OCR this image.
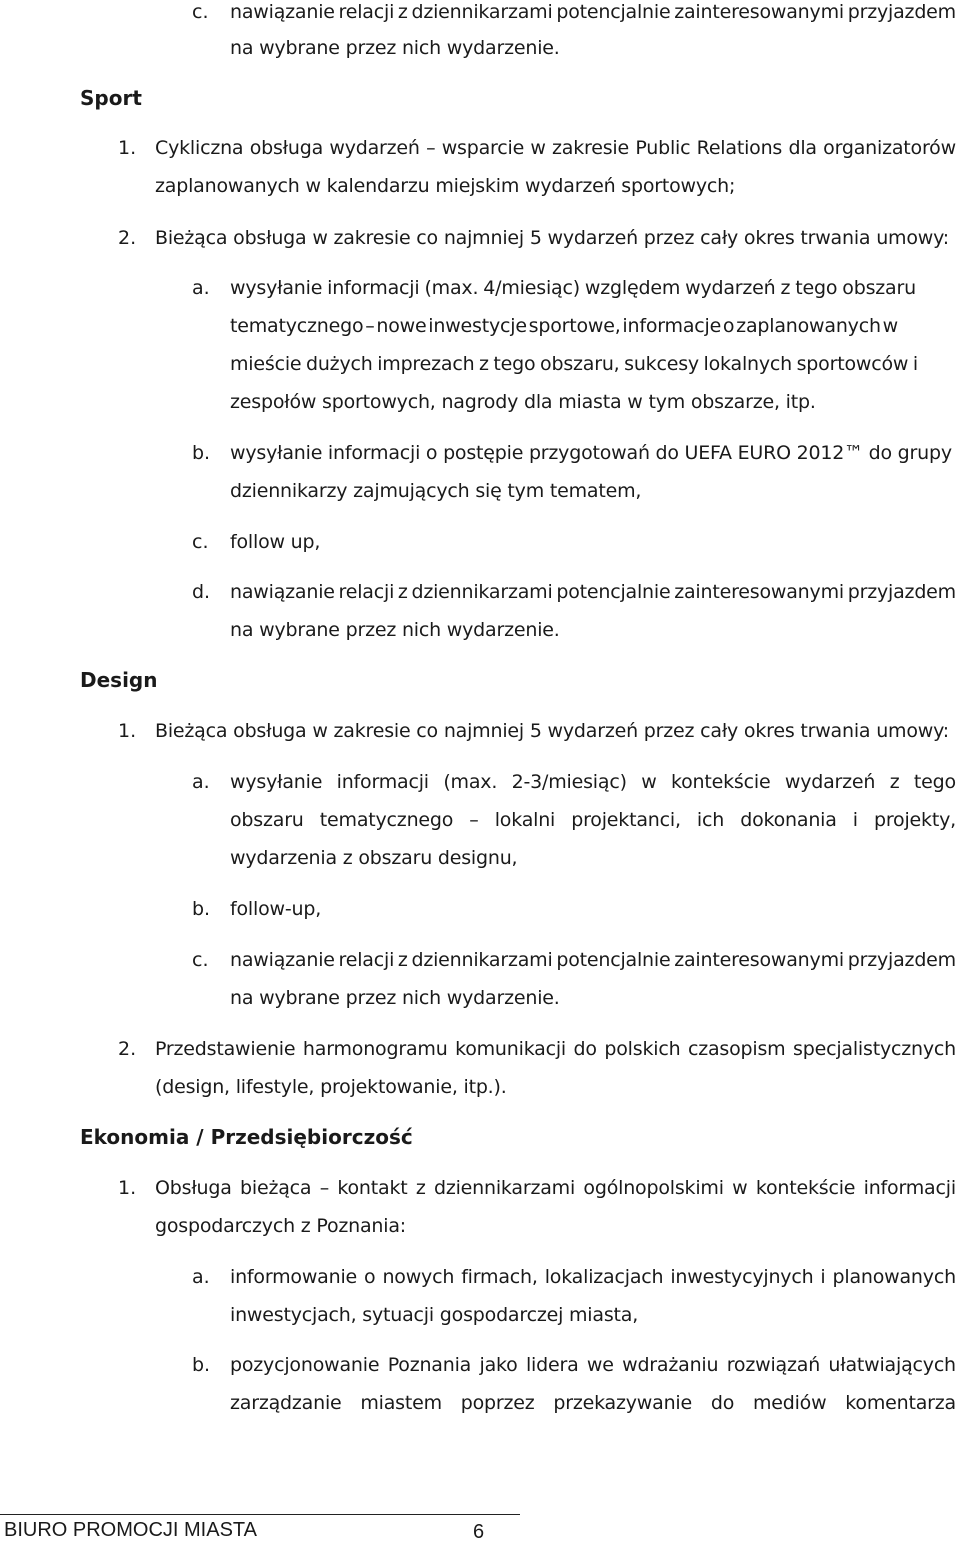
c. nawiązanie relacji z dziennikarzami potencjalnie zainteresowanymi przyjazdem
na wybrane przez nich wydarzenie.
Sport
1. Cykliczna obsługa wydarzeń – wsparcie w zakresie Public Relations dla organizatorów
zaplanowanych w kalendarzu miejskim wydarzeń sportowych;
2. Bieżąca obsługa w zakresie co najmniej 5 wydarzeń przez cały okres trwania umowy:
a. wysyłanie informacji (max. 4/miesiąc) względem wydarzeń z tego obszaru
tematycznego – nowe inwestycje sportowe, informacje o zaplanowanych w
mieście dużych imprezach z tego obszaru, sukcesy lokalnych sportowców i
zespołów sportowych, nagrody dla miasta w tym obszarze, itp.
b. wysyłanie informacji o postępie przygotowań do UEFA EURO 2012™ do grupy
dziennikarzy zajmujących się tym tematem,
c. follow up,
d. nawiązanie relacji z dziennikarzami potencjalnie zainteresowanymi przyjazdem
na wybrane przez nich wydarzenie.
Design
1. Bieżąca obsługa w zakresie co najmniej 5 wydarzeń przez cały okres trwania umowy:
a. wysyłanie informacji (max. 2-3/miesiąc) w kontekście wydarzeń z tego
obszaru tematycznego – lokalni projektanci, ich dokonania i projekty,
wydarzenia z obszaru designu,
b. follow-up,
c. nawiązanie relacji z dziennikarzami potencjalnie zainteresowanymi przyjazdem
na wybrane przez nich wydarzenie.
2. Przedstawienie harmonogramu komunikacji do polskich czasopism specjalistycznych
(design, lifestyle, projektowanie, itp.).
Ekonomia / Przedsiębiorczość
1. Obsługa bieżąca – kontakt z dziennikarzami ogólnopolskimi w kontekście informacji
gospodarczych z Poznania:
a. informowanie o nowych firmach, lokalizacjach inwestycyjnych i planowanych
inwestycjach, sytuacji gospodarczej miasta,
b. pozycjonowanie Poznania jako lidera we wdrażaniu rozwiązań ułatwiających
zarządzanie miastem poprzez przekazywanie do mediów komentarza
BIURO PROMOCJI MIASTA	6
